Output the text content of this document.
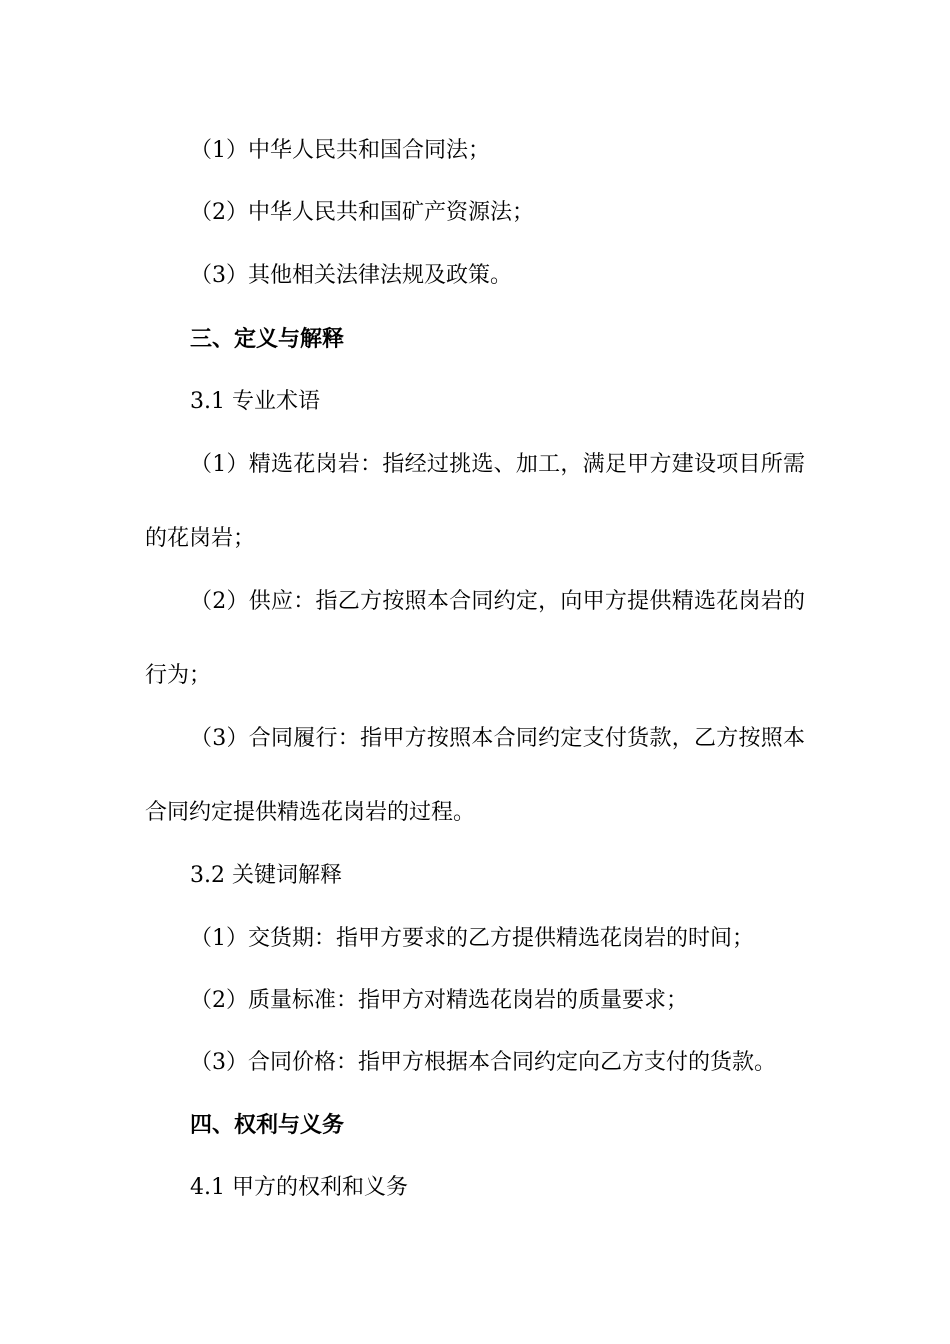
（1）中华人民共和国合同法；

（2）中华人民共和国矿产资源法；

（3）其他相关法律法规及政策。

三、定义与解释

3.1 专业术语

（1）精选花岗岩：指经过挑选、加工，满足甲方建设项目所需

的花岗岩；

（2）供应：指乙方按照本合同约定，向甲方提供精选花岗岩的

行为；

（3）合同履行：指甲方按照本合同约定支付货款，乙方按照本

合同约定提供精选花岗岩的过程。

3.2 关键词解释

（1）交货期：指甲方要求的乙方提供精选花岗岩的时间；

（2）质量标准：指甲方对精选花岗岩的质量要求；

（3）合同价格：指甲方根据本合同约定向乙方支付的货款。

四、权利与义务

4.1 甲方的权利和义务
